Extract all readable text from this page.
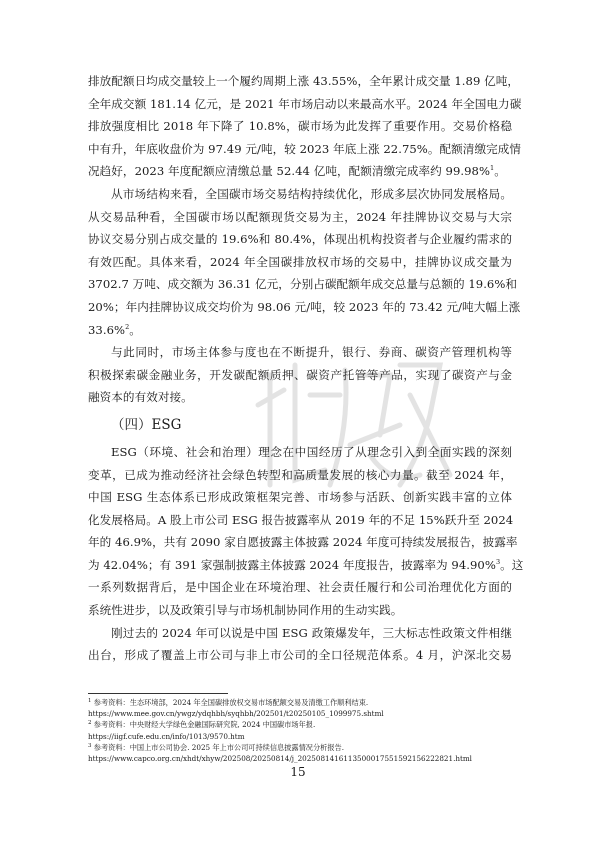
排放配额日均成交量较上一个履约周期上涨 43.55%，全年累计成交量 1.89 亿吨，
全年成交额 181.14 亿元，是 2021 年市场启动以来最高水平。2024 年全国电力碳
排放强度相比 2018 年下降了 10.8%，碳市场为此发挥了重要作用。交易价格稳
中有升，年底收盘价为 97.49 元/吨，较 2023 年底上涨 22.75%。配额清缴完成情
况趋好，2023 年度配额应清缴总量 52.44 亿吨，配额清缴完成率约 99.98%$^1$。
从市场结构来看，全国碳市场交易结构持续优化，形成多层次协同发展格局。
从交易品种看，全国碳市场以配额现货交易为主，2024 年挂牌协议交易与大宗
协议交易分别占成交量的 19.6%和 80.4%，体现出机构投资者与企业履约需求的
有效匹配。具体来看，2024 年全国碳排放权市场的交易中，挂牌协议成交量为
3702.7 万吨、成交额为 36.31 亿元，分别占碳配额年成交总量与总额的 19.6%和
20%；年内挂牌协议成交均价为 98.06 元/吨，较 2023 年的 73.42 元/吨大幅上涨
33.6%$^2$。
与此同时，市场主体参与度也在不断提升，银行、券商、碳资产管理机构等
积极探索碳金融业务，开发碳配额质押、碳资产托管等产品，实现了碳资产与金
融资本的有效对接。
（四）ESG
ESG（环境、社会和治理）理念在中国经历了从理念引入到全面实践的深刻
变革，已成为推动经济社会绿色转型和高质量发展的核心力量。截至 2024 年，
中国 ESG 生态体系已形成政策框架完善、市场参与活跃、创新实践丰富的立体
化发展格局。A 股上市公司 ESG 报告披露率从 2019 年的不足 15%跃升至 2024
年的 46.9%，共有 2090 家自愿披露主体披露 2024 年度可持续发展报告，披露率
为 42.04%；有 391 家强制披露主体披露 2024 年度报告，披露率为 94.90%$^3$。这
一系列数据背后，是中国企业在环境治理、社会责任履行和公司治理优化方面的
系统性进步，以及政策引导与市场机制协同作用的生动实践。
刚过去的 2024 年可以说是中国 ESG 政策爆发年，三大标志性政策文件相继
出台，形成了覆盖上市公司与非上市公司的全口径规范体系。4 月，沪深北交易
$^1$ 参考资料：生态环境部，2024 年全国碳排放权交易市场配额交易及清缴工作顺利结束.
https://www.mee.gov.cn/ywgz/ydqhbh/syqhbh/202501/t20250105_1099975.shtml
$^2$ 参考资料：中央财经大学绿色金融国际研究院, 2024 中国碳市场年报.
https://iigf.cufe.edu.cn/info/1013/9570.htm
$^3$ 参考资料：中国上市公司协会. 2025 年上市公司可持续信息披露情况分析报告.
https://www.capco.org.cn/xhdt/xhyw/202508/20250814/j_2025081416113500017551592156222821.html
15
